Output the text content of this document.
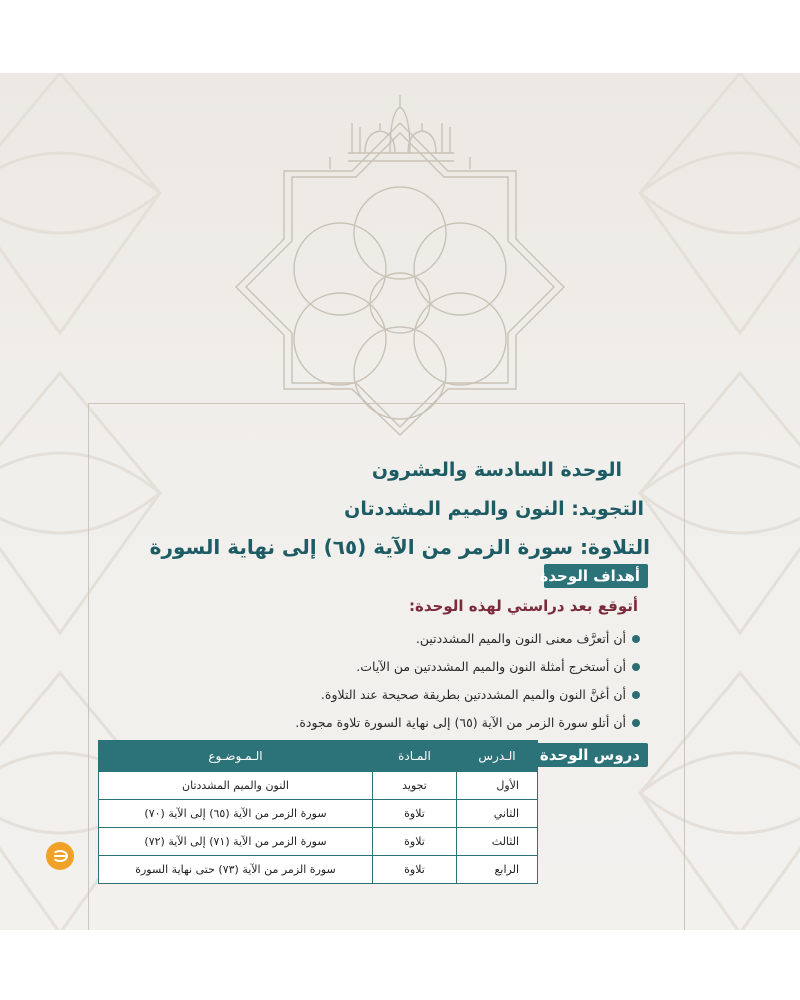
الوحدة السادسة والعشرون
التجويد: النون والميم المشددتان
التلاوة: سورة الزمر من الآية (٦٥) إلى نهاية السورة
أهداف الوحدة
أتوقع بعد دراستي لهذه الوحدة:
أن أتعرَّف معنى النون والميم المشددتين.
أن أستخرج أمثلة النون والميم المشددتين من الآيات.
أن أغنَّ النون والميم المشددتين بطريقة صحيحة عند التلاوة.
أن أتلو سورة الزمر من الآية (٦٥) إلى نهاية السورة تلاوة مجودة.
دروس الوحدة
الـدرس	المـادة	الـمـوضـوع
الأول	تجويد	النون والميم المشددتان
الثاني	تلاوة	سورة الزمر من الآية (٦٥) إلى الآية (٧٠)
الثالث	تلاوة	سورة الزمر من الآية (٧١) إلى الآية (٧٢)
الرابع	تلاوة	سورة الزمر من الآية (٧٣) حتى نهاية السورة
